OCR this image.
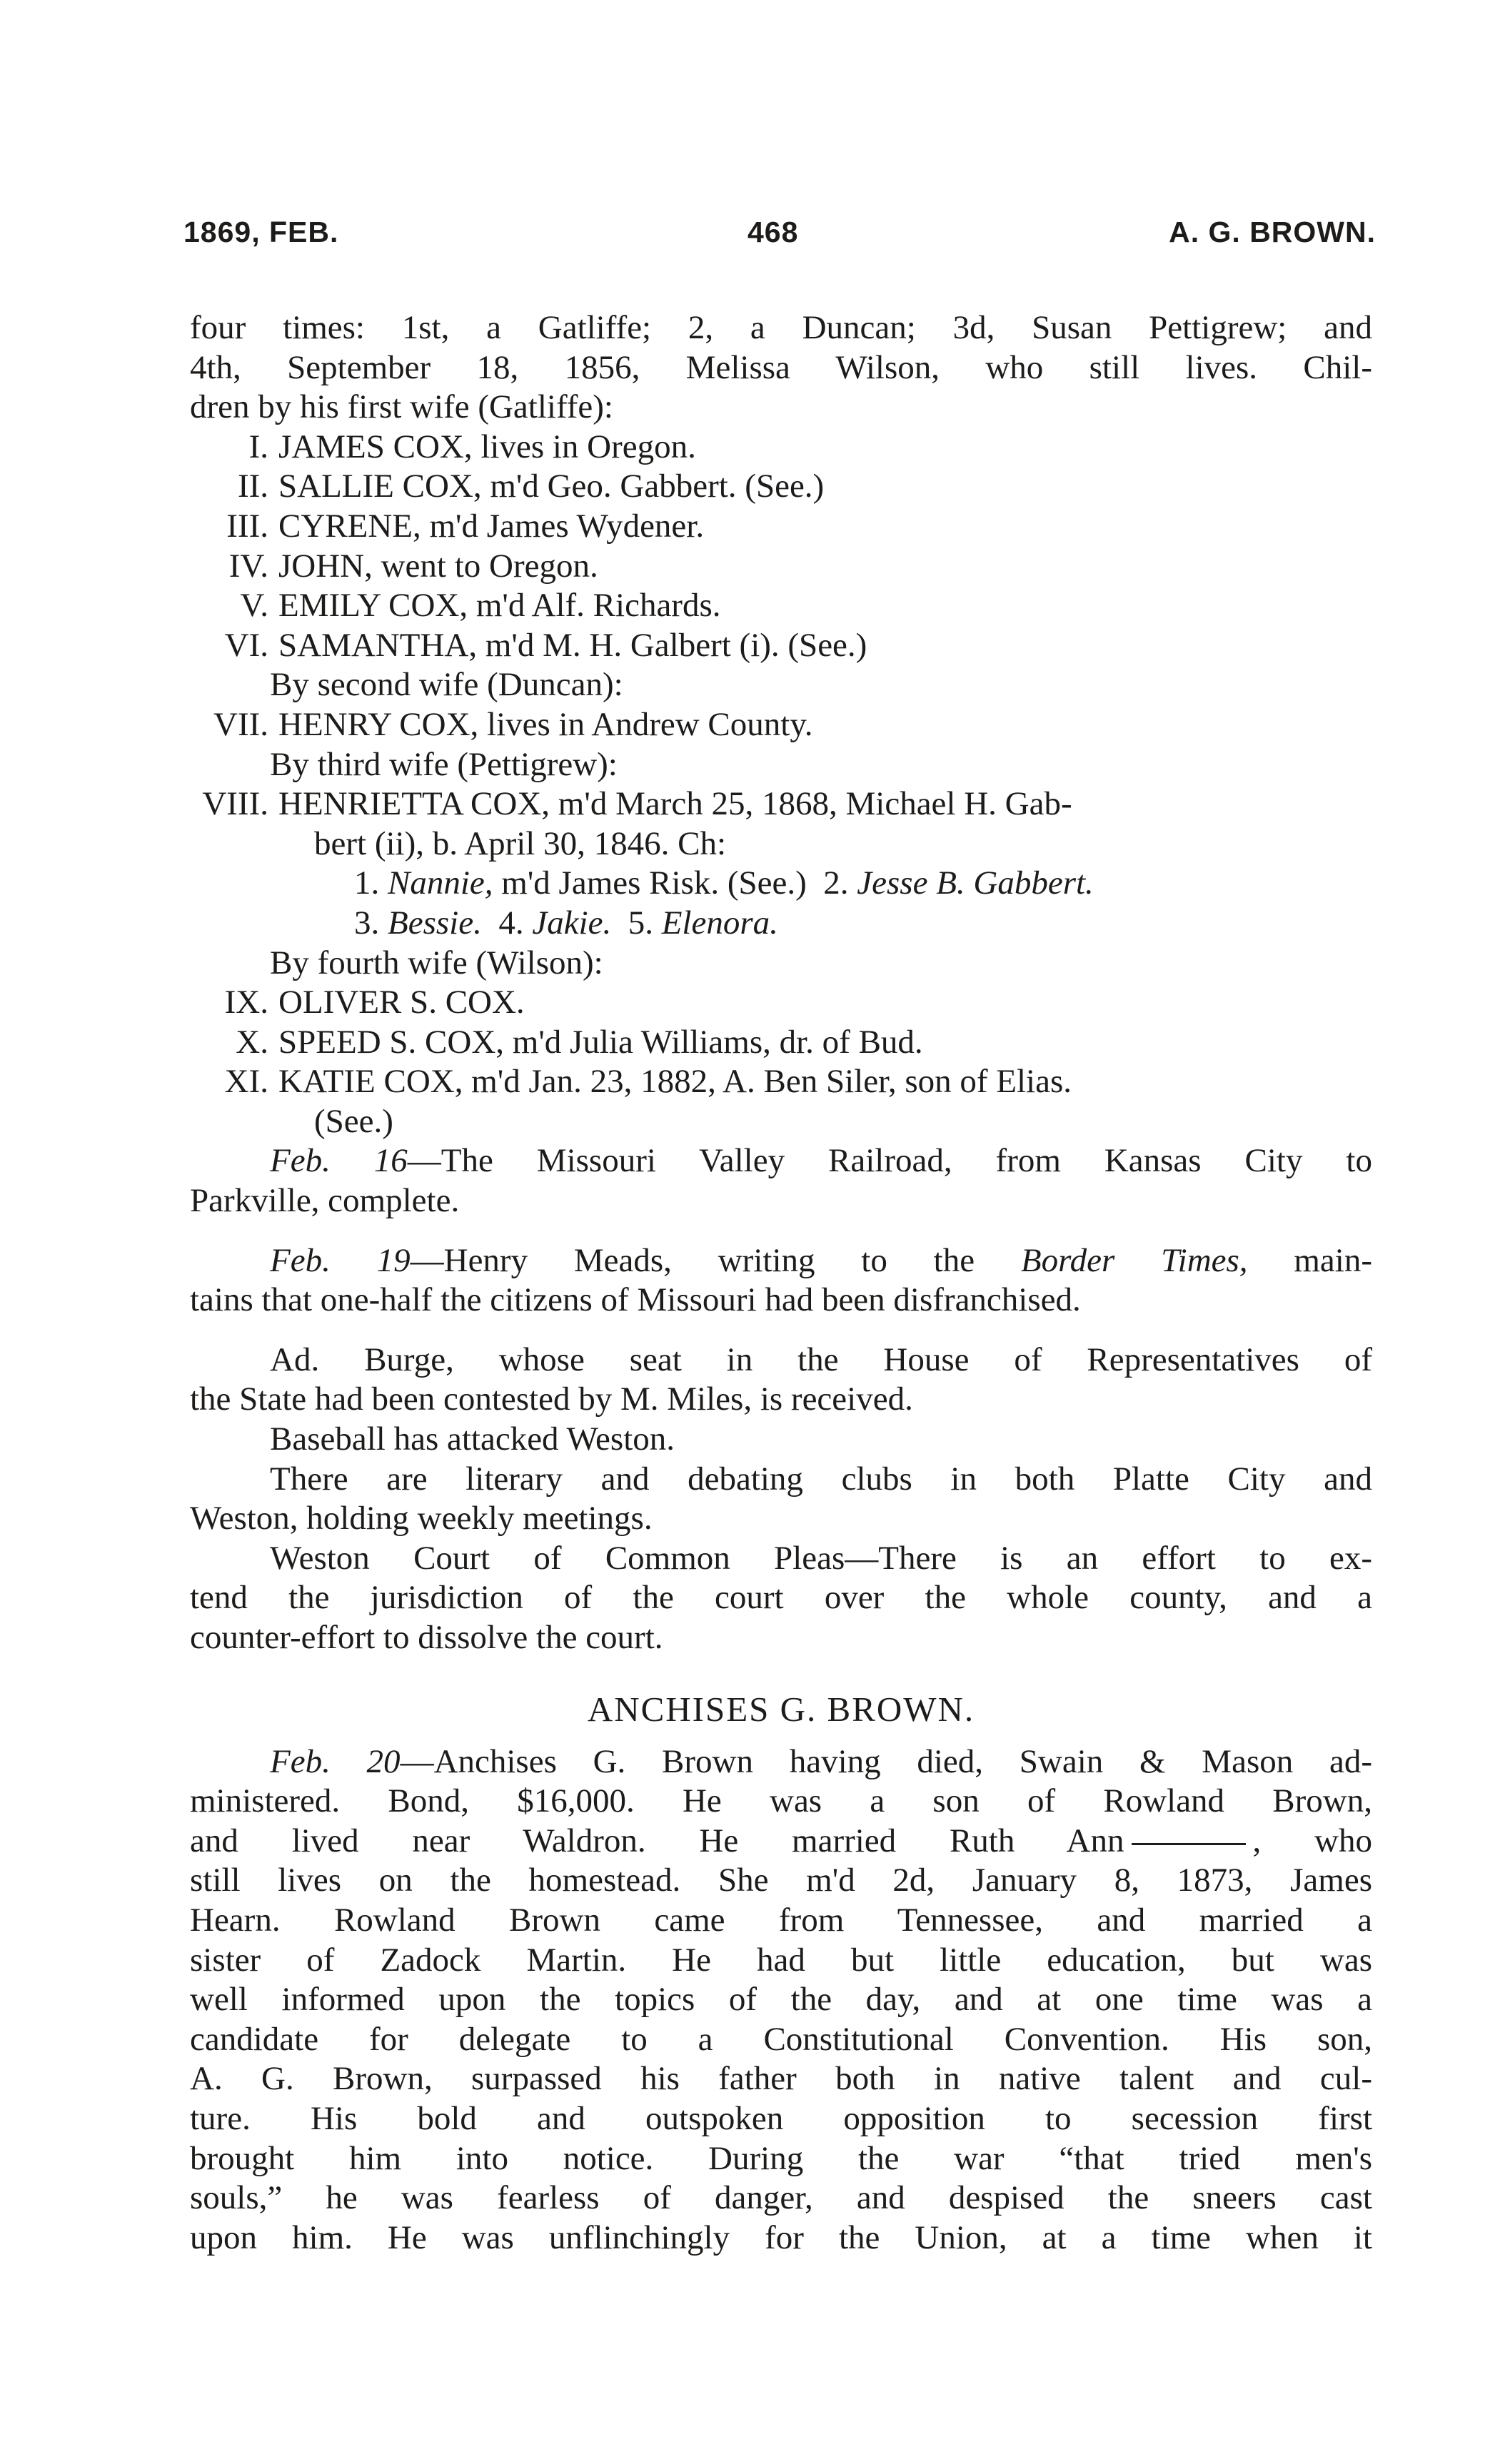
1869, FEB.	468	A. G. BROWN.
four times: 1st, a Gatliffe; 2, a Duncan; 3d, Susan Pettigrew; and
4th, September 18, 1856, Melissa Wilson, who still lives. Chil-
dren by his first wife (Gatliffe):
I. JAMES COX, lives in Oregon.
II. SALLIE COX, m'd Geo. Gabbert. (See.)
III. CYRENE, m'd James Wydener.
IV. JOHN, went to Oregon.
V. EMILY COX, m'd Alf. Richards.
VI. SAMANTHA, m'd M. H. Galbert (i). (See.)
By second wife (Duncan):
VII. HENRY COX, lives in Andrew County.
By third wife (Pettigrew):
VIII. HENRIETTA COX, m'd March 25, 1868, Michael H. Gab-
bert (ii), b. April 30, 1846. Ch:
1. Nannie, m'd James Risk. (See.) 2. Jesse B. Gabbert.
3. Bessie. 4. Jakie. 5. Elenora.
By fourth wife (Wilson):
IX. OLIVER S. COX.
X. SPEED S. COX, m'd Julia Williams, dr. of Bud.
XI. KATIE COX, m'd Jan. 23, 1882, A. Ben Siler, son of Elias.
(See.)
Feb. 16—The Missouri Valley Railroad, from Kansas City to
Parkville, complete.
Feb. 19—Henry Meads, writing to the Border Times, main-
tains that one-half the citizens of Missouri had been disfranchised.
Ad. Burge, whose seat in the House of Representatives of
the State had been contested by M. Miles, is received.
Baseball has attacked Weston.
There are literary and debating clubs in both Platte City and
Weston, holding weekly meetings.
Weston Court of Common Pleas—There is an effort to ex-
tend the jurisdiction of the court over the whole county, and a
counter-effort to dissolve the court.
ANCHISES G. BROWN.
Feb. 20—Anchises G. Brown having died, Swain & Mason ad-
ministered. Bond, $16,000. He was a son of Rowland Brown,
and lived near Waldron. He married Ruth Ann	, who
still lives on the homestead. She m'd 2d, January 8, 1873, James
Hearn. Rowland Brown came from Tennessee, and married a
sister of Zadock Martin. He had but little education, but was
well informed upon the topics of the day, and at one time was a
candidate for delegate to a Constitutional Convention. His son,
A. G. Brown, surpassed his father both in native talent and cul-
ture. His bold and outspoken opposition to secession first
brought him into notice. During the war “that tried men's
souls,” he was fearless of danger, and despised the sneers cast
upon him. He was unflinchingly for the Union, at a time when it
